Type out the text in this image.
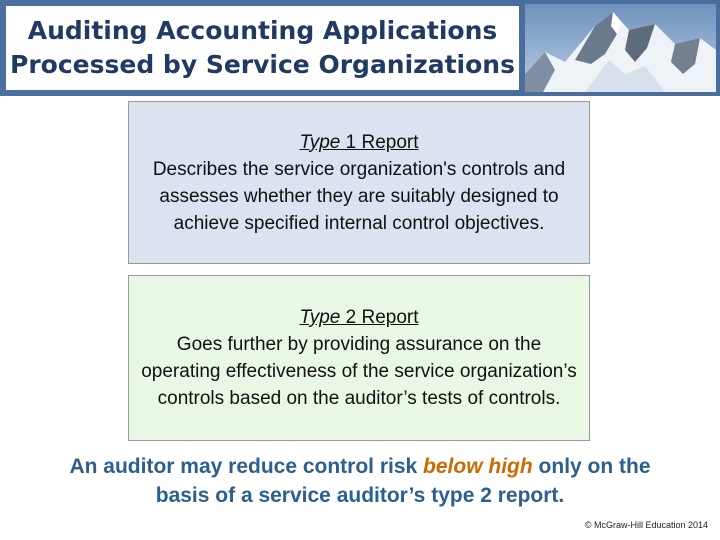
Auditing Accounting Applications
Processed by Service Organizations
Type 1 Report
Describes the service organization's controls and assesses whether they are suitably designed to achieve specified internal control objectives.
Type 2 Report
Goes further by providing assurance on the operating effectiveness of the service organization’s controls based on the auditor’s tests of controls.
An auditor may reduce control risk below high only on the basis of a service auditor’s type 2 report.
© McGraw-Hill Education 2014
